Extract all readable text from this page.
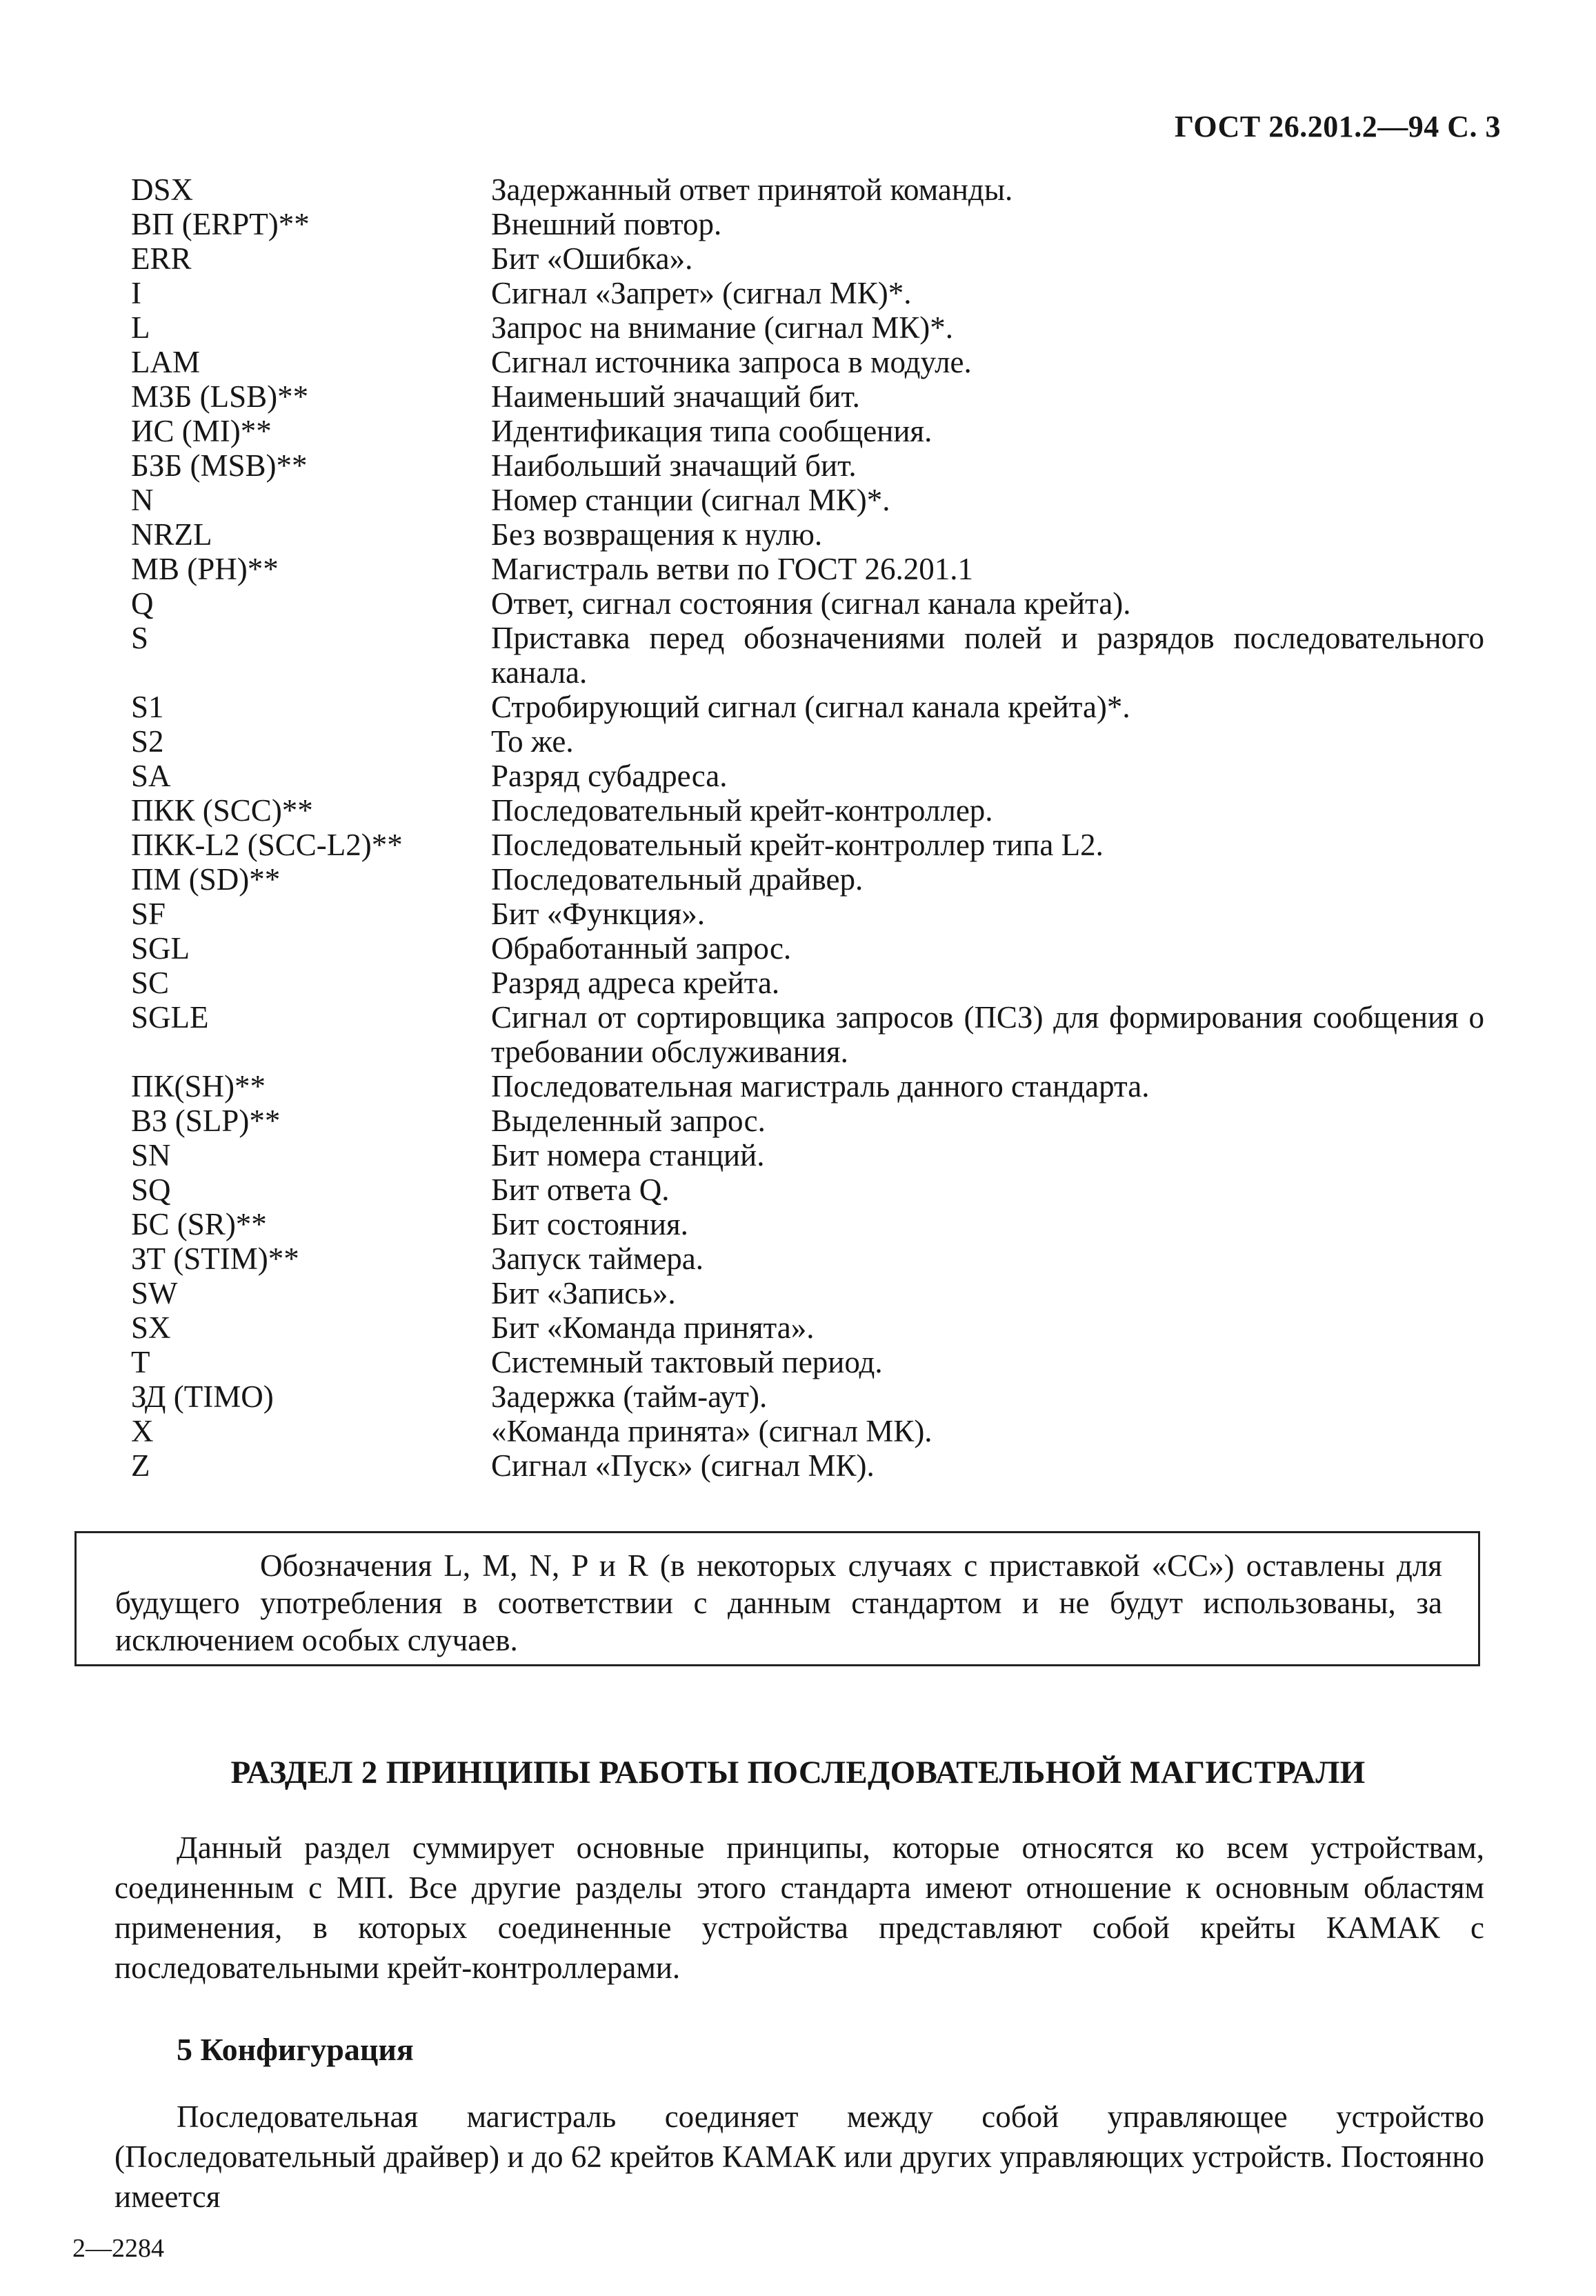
ГОСТ 26.201.2—94 С. 3
DSX	Задержанный ответ принятой команды.
ВП (ERPT)**	Внешний повтор.
ERR	Бит «Ошибка».
I	Сигнал «Запрет» (сигнал МК)*.
L	Запрос на внимание (сигнал МК)*.
LAM	Сигнал источника запроса в модуле.
МЗБ (LSB)**	Наименьший значащий бит.
ИС (MI)**	Идентификация типа сообщения.
БЗБ (MSB)**	Наибольший значащий бит.
N	Номер станции (сигнал МК)*.
NRZL	Без возвращения к нулю.
МВ (PH)**	Магистраль ветви по ГОСТ 26.201.1
Q	Ответ, сигнал состояния (сигнал канала крейта).
S	Приставка перед обозначениями полей и разрядов последовательного канала.
S1	Стробирующий сигнал (сигнал канала крейта)*.
S2	То же.
SA	Разряд субадреса.
ПКК (SCC)**	Последовательный крейт-контроллер.
ПКК-L2 (SCC-L2)**	Последовательный крейт-контроллер типа L2.
ПМ (SD)**	Последовательный драйвер.
SF	Бит «Функция».
SGL	Обработанный запрос.
SC	Разряд адреса крейта.
SGLE	Сигнал от сортировщика запросов (ПСЗ) для формирования сообщения о требовании обслуживания.
ПК(SH)**	Последовательная магистраль данного стандарта.
ВЗ (SLP)**	Выделенный запрос.
SN	Бит номера станций.
SQ	Бит ответа Q.
БС (SR)**	Бит состояния.
ЗТ (STIM)**	Запуск таймера.
SW	Бит «Запись».
SX	Бит «Команда принята».
T	Системный тактовый период.
ЗД (TIMO)	Задержка (тайм-аут).
X	«Команда принята» (сигнал МК).
Z	Сигнал «Пуск» (сигнал МК).
Обозначения L, M, N, P и R (в некоторых случаях с приставкой «СС») оставлены для будущего употребления в соответствии с данным стандартом и не будут использованы, за исключением особых случаев.
РАЗДЕЛ 2 ПРИНЦИПЫ РАБОТЫ ПОСЛЕДОВАТЕЛЬНОЙ МАГИСТРАЛИ
Данный раздел суммирует основные принципы, которые относятся ко всем устройствам, соединенным с МП. Все другие разделы этого стандарта имеют отношение к основным областям применения, в которых соединенные устройства представляют собой крейты КАМАК с последовательными крейт-контроллерами.
5 Конфигурация
Последовательная магистраль соединяет между собой управляющее устройство (Последовательный драйвер) и до 62 крейтов КАМАК или других управляющих устройств. Постоянно имеется
2—2284
